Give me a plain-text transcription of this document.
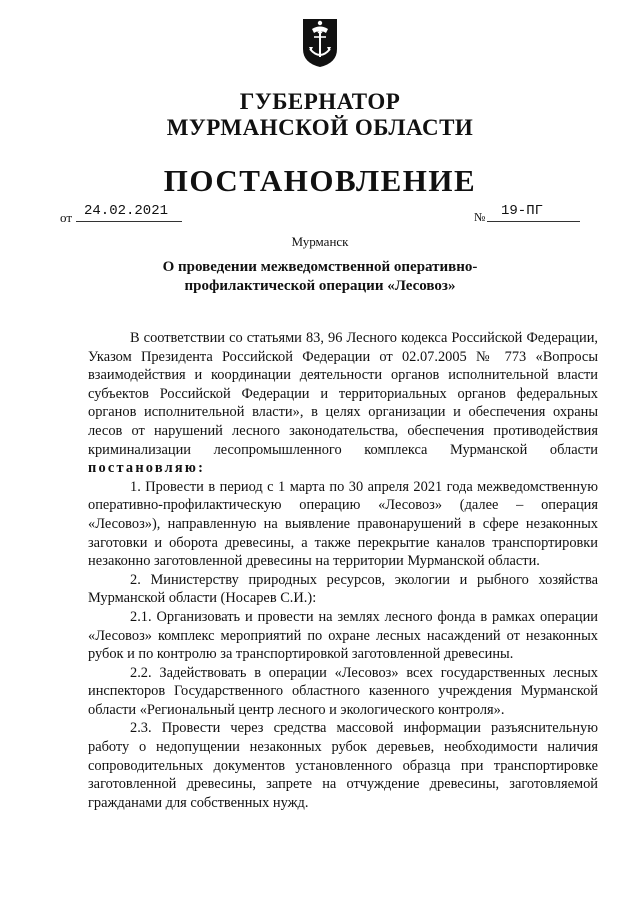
ГУБЕРНАТОР
МУРМАНСКОЙ ОБЛАСТИ
ПОСТАНОВЛЕНИЕ
от 24.02.2021	№ 19-ПГ
Мурманск
О проведении межведомственной оперативно-профилактической операции «Лесовоз»

В соответствии со статьями 83, 96 Лесного кодекса Российской Федерации, Указом Президента Российской Федерации от 02.07.2005 № 773 «Вопросы взаимодействия и координации деятельности органов исполнительной власти субъектов Российской Федерации и территориальных органов федеральных органов исполнительной власти», в целях организации и обеспечения охраны лесов от нарушений лесного законодательства, обеспечения противодействия криминализации лесопромышленного комплекса Мурманской области постановляю:

1. Провести в период с 1 марта по 30 апреля 2021 года межведомственную оперативно-профилактическую операцию «Лесовоз» (далее – операция «Лесовоз»), направленную на выявление правонарушений в сфере незаконных заготовки и оборота древесины, а также перекрытие каналов транспортировки незаконно заготовленной древесины на территории Мурманской области.

2. Министерству природных ресурсов, экологии и рыбного хозяйства Мурманской области (Носарев С.И.):

2.1. Организовать и провести на землях лесного фонда в рамках операции «Лесовоз» комплекс мероприятий по охране лесных насаждений от незаконных рубок и по контролю за транспортировкой заготовленной древесины.

2.2. Задействовать в операции «Лесовоз» всех государственных лесных инспекторов Государственного областного казенного учреждения Мурманской области «Региональный центр лесного и экологического контроля».

2.3. Провести через средства массовой информации разъяснительную работу о недопущении незаконных рубок деревьев, необходимости наличия сопроводительных документов установленного образца при транспортировке заготовленной древесины, запрете на отчуждение древесины, заготовляемой гражданами для собственных нужд.
